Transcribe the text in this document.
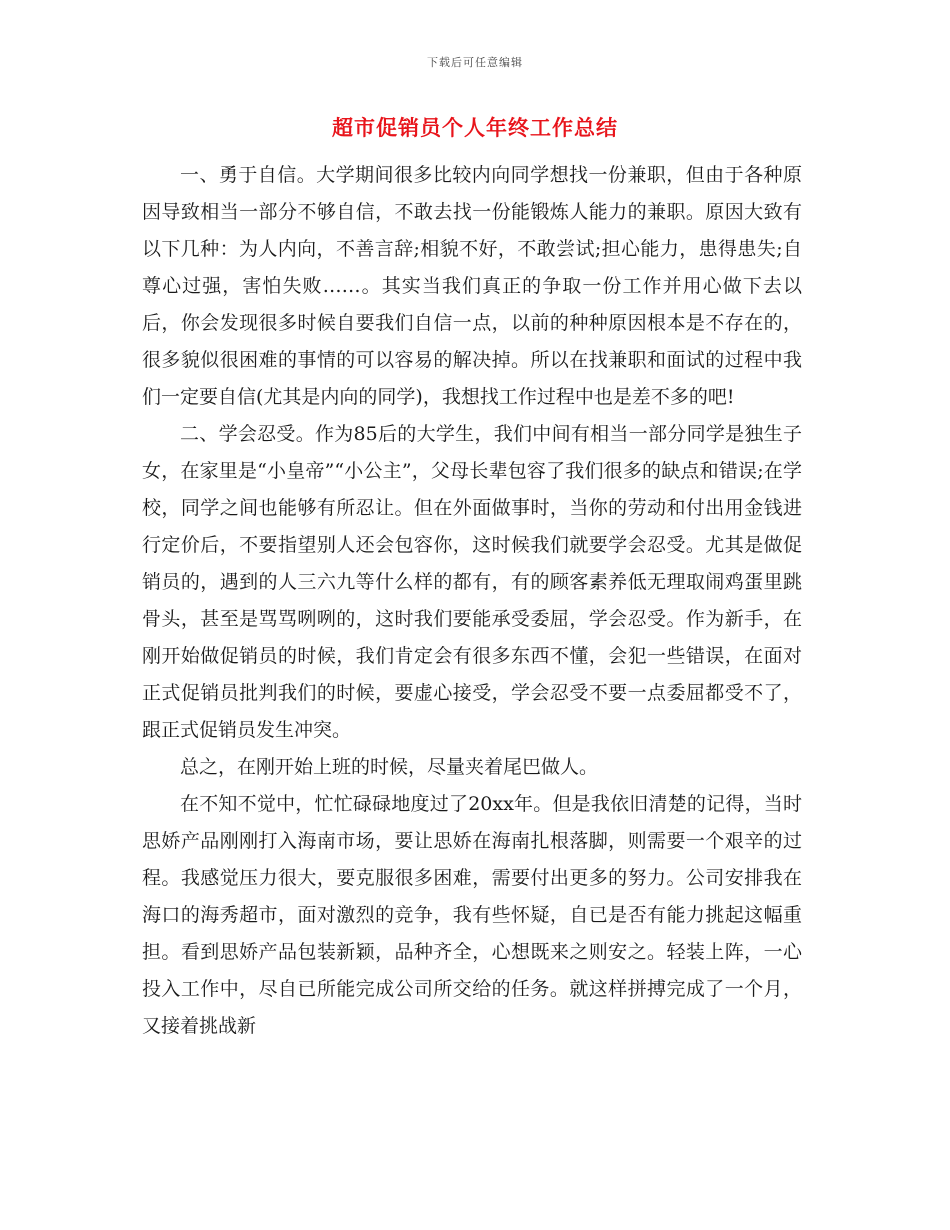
下载后可任意编辑
超市促销员个人年终工作总结

一、勇于自信。大学期间很多比较内向同学想找一份兼职，但由于各种原因导致相当一部分不够自信，不敢去找一份能锻炼人能力的兼职。原因大致有以下几种：为人内向，不善言辞;相貌不好，不敢尝试;担心能力，患得患失;自尊心过强，害怕失败……。其实当我们真正的争取一份工作并用心做下去以后，你会发现很多时候自要我们自信一点，以前的种种原因根本是不存在的，很多貌似很困难的事情的可以容易的解决掉。所以在找兼职和面试的过程中我们一定要自信(尤其是内向的同学)，我想找工作过程中也是差不多的吧!

二、学会忍受。作为85后的大学生，我们中间有相当一部分同学是独生子女，在家里是“小皇帝”“小公主”，父母长辈包容了我们很多的缺点和错误;在学校，同学之间也能够有所忍让。但在外面做事时，当你的劳动和付出用金钱进行定价后，不要指望别人还会包容你，这时候我们就要学会忍受。尤其是做促销员的，遇到的人三六九等什么样的都有，有的顾客素养低无理取闹鸡蛋里跳骨头，甚至是骂骂咧咧的，这时我们要能承受委屈，学会忍受。作为新手，在刚开始做促销员的时候，我们肯定会有很多东西不懂，会犯一些错误，在面对正式促销员批判我们的时候，要虚心接受，学会忍受不要一点委屈都受不了，跟正式促销员发生冲突。

总之，在刚开始上班的时候，尽量夹着尾巴做人。

在不知不觉中，忙忙碌碌地度过了20xx年。但是我依旧清楚的记得，当时思娇产品刚刚打入海南市场，要让思娇在海南扎根落脚，则需要一个艰辛的过程。我感觉压力很大，要克服很多困难，需要付出更多的努力。公司安排我在海口的海秀超市，面对激烈的竞争，我有些怀疑，自已是否有能力挑起这幅重担。看到思娇产品包装新颖，品种齐全，心想既来之则安之。轻装上阵，一心投入工作中，尽自已所能完成公司所交给的任务。就这样拼搏完成了一个月，又接着挑战新
